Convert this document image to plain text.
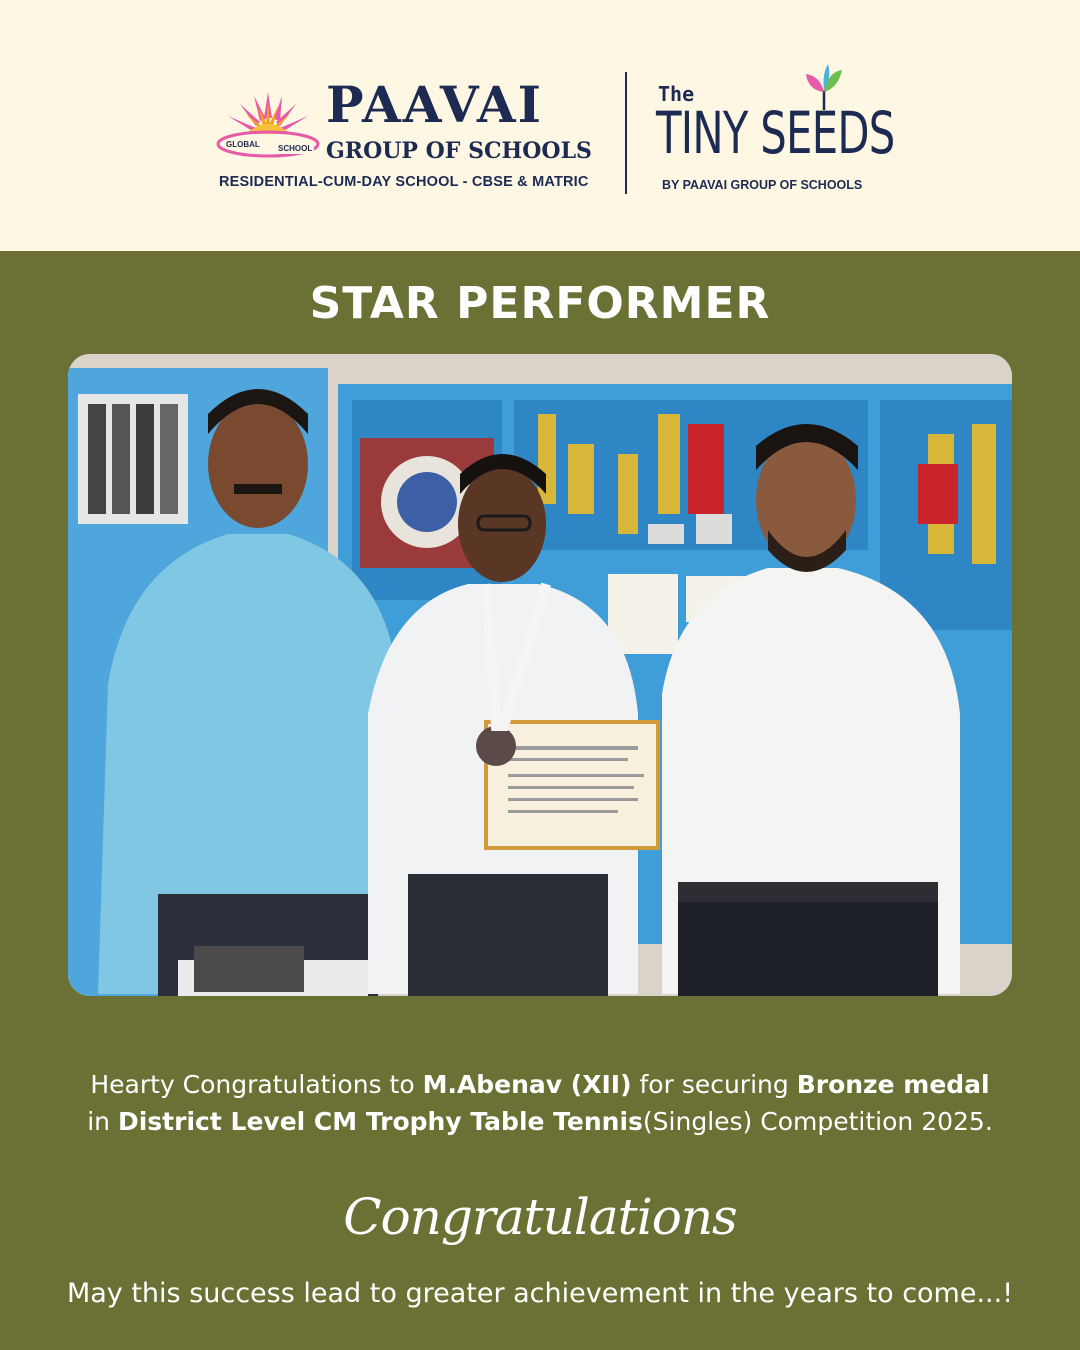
GLOBAL SCHOOL
PAAVAI
GROUP OF SCHOOLS
RESIDENTIAL-CUM-DAY SCHOOL - CBSE & MATRIC
The
TINY SEEDS
BY PAAVAI GROUP OF SCHOOLS
STAR PERFORMER
Hearty Congratulations to M.Abenav (XII) for securing Bronze medal
in District Level CM Trophy Table Tennis(Singles) Competition 2025.
Congratulations
May this success lead to greater achievement in the years to come...!
